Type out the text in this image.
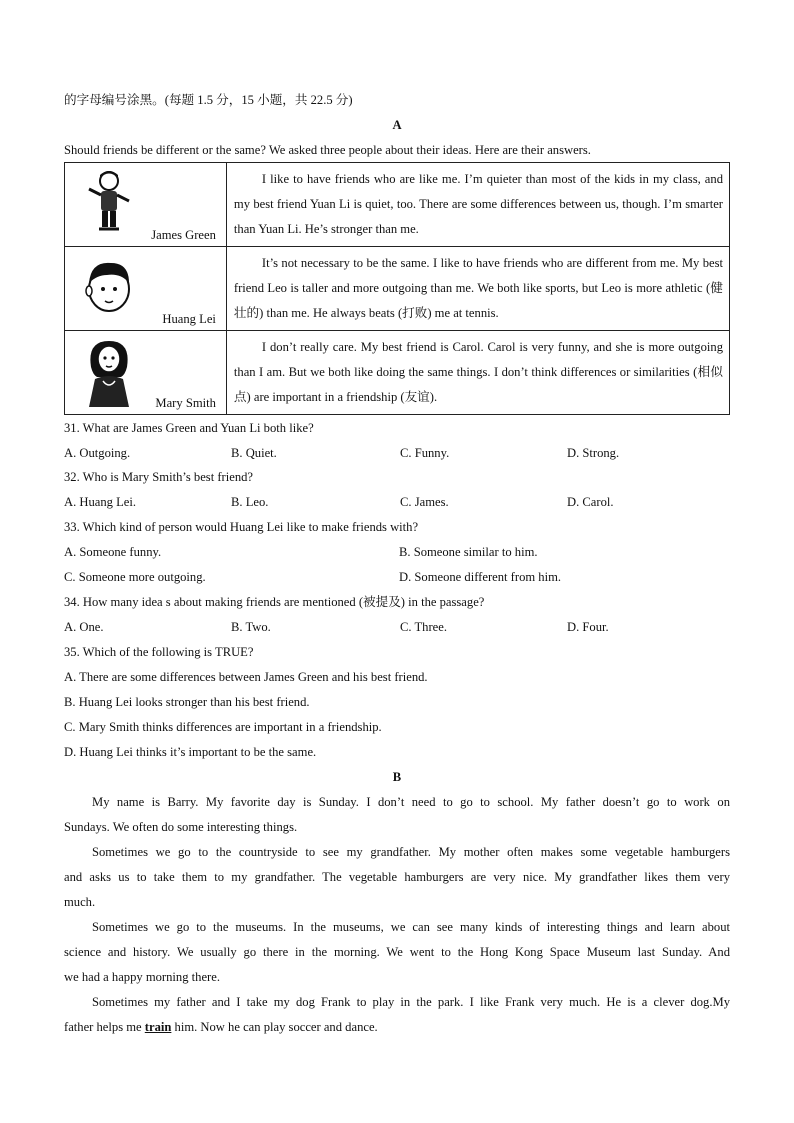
的字母编号涂黑。(每题 1.5 分，15 小题，共 22.5 分)
A
Should friends be different or the same? We asked three people about their ideas. Here are their answers.
James Green	I like to have friends who are like me. I’m quieter than most of the kids in my class, and my best friend Yuan Li is quiet, too. There are some differences between us, though. I’m smarter than Yuan Li. He’s stronger than me.

Huang Lei	It’s not necessary to be the same. I like to have friends who are different from me. My best friend Leo is taller and more outgoing than me. We both like sports, but Leo is more athletic (健壮的) than me. He always beats (打败) me at tennis.

Mary Smith	I don’t really care. My best friend is Carol. Carol is very funny, and she is more outgoing than I am. But we both like doing the same things. I don’t think differences or similarities (相似点) are important in a friendship (友谊).

31. What are James Green and Yuan Li both like?
A. Outgoing.	B. Quiet.	C. Funny.	D. Strong.
32. Who is Mary Smith’s best friend?
A. Huang Lei.	B. Leo.	C. James.	D. Carol.
33. Which kind of person would Huang Lei like to make friends with?
A. Someone funny.	B. Someone similar to him.
C. Someone more outgoing.	D. Someone different from him.
34. How many idea s about making friends are mentioned (被提及) in the passage?
A. One.	B. Two.	C. Three.	D. Four.
35. Which of the following is TRUE?
A. There are some differences between James Green and his best friend.
B. Huang Lei looks stronger than his best friend.
C. Mary Smith thinks differences are important in a friendship.
D. Huang Lei thinks it’s important to be the same.
B
My name is Barry. My favorite day is Sunday. I don’t need to go to school. My father doesn’t go to work on
Sundays. We often do some interesting things.
Sometimes we go to the countryside to see my grandfather. My mother often makes some vegetable hamburgers
and asks us to take them to my grandfather. The vegetable hamburgers are very nice. My grandfather likes them very
much.
Sometimes we go to the museums. In the museums, we can see many kinds of interesting things and learn about
science and history. We usually go there in the morning. We went to the Hong Kong Space Museum last Sunday. And
we had a happy morning there.
Sometimes my father and I take my dog Frank to play in the park. I like Frank very much. He is a clever dog.My
father helps me train him. Now he can play soccer and dance.
